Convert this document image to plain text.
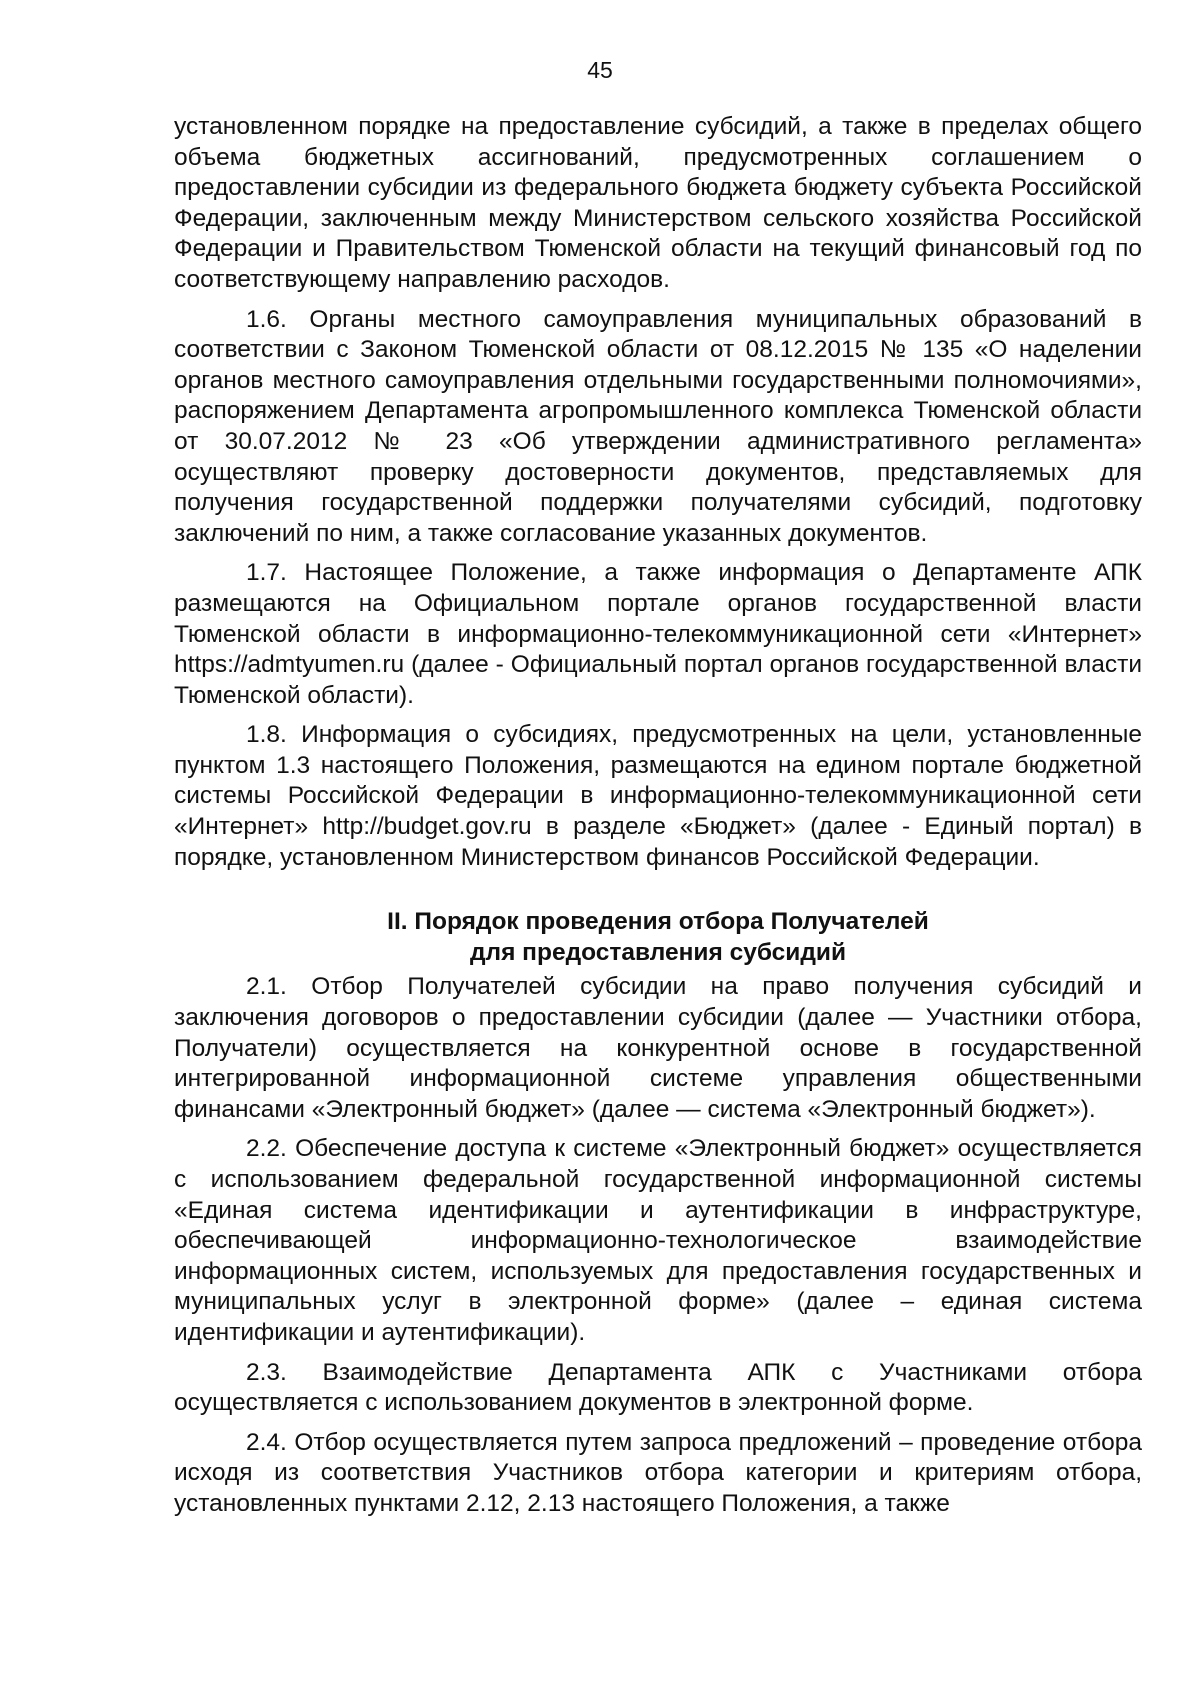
45

установленном порядке на предоставление субсидий, а также в пределах общего объема бюджетных ассигнований, предусмотренных соглашением о предоставлении субсидии из федерального бюджета бюджету субъекта Российской Федерации, заключенным между Министерством сельского хозяйства Российской Федерации и Правительством Тюменской области на текущий финансовый год по соответствующему направлению расходов.

1.6. Органы местного самоуправления муниципальных образований в соответствии с Законом Тюменской области от 08.12.2015 № 135 «О наделении органов местного самоуправления отдельными государственными полномочиями», распоряжением Департамента агропромышленного комплекса Тюменской области от 30.07.2012 № 23 «Об утверждении административного регламента» осуществляют проверку достоверности документов, представляемых для получения государственной поддержки получателями субсидий, подготовку заключений по ним, а также согласование указанных документов.

1.7. Настоящее Положение, а также информация о Департаменте АПК размещаются на Официальном портале органов государственной власти Тюменской области в информационно-телекоммуникационной сети «Интернет» https://admtyumen.ru (далее - Официальный портал органов государственной власти Тюменской области).

1.8. Информация о субсидиях, предусмотренных на цели, установленные пунктом 1.3 настоящего Положения, размещаются на едином портале бюджетной системы Российской Федерации в информационно-телекоммуникационной сети «Интернет» http://budget.gov.ru в разделе «Бюджет» (далее - Единый портал) в порядке, установленном Министерством финансов Российской Федерации.

II. Порядок проведения отбора Получателей
для предоставления субсидий

2.1. Отбор Получателей субсидии на право получения субсидий и заключения договоров о предоставлении субсидии (далее — Участники отбора, Получатели) осуществляется на конкурентной основе в государственной интегрированной информационной системе управления общественными финансами «Электронный бюджет» (далее — система «Электронный бюджет»).

2.2. Обеспечение доступа к системе «Электронный бюджет» осуществляется с использованием федеральной государственной информационной системы «Единая система идентификации и аутентификации в инфраструктуре, обеспечивающей информационно-технологическое взаимодействие информационных систем, используемых для предоставления государственных и муниципальных услуг в электронной форме» (далее – единая система идентификации и аутентификации).

2.3. Взаимодействие Департамента АПК с Участниками отбора осуществляется с использованием документов в электронной форме.

2.4. Отбор осуществляется путем запроса предложений – проведение отбора исходя из соответствия Участников отбора категории и критериям отбора, установленных пунктами 2.12, 2.13 настоящего Положения, а также
